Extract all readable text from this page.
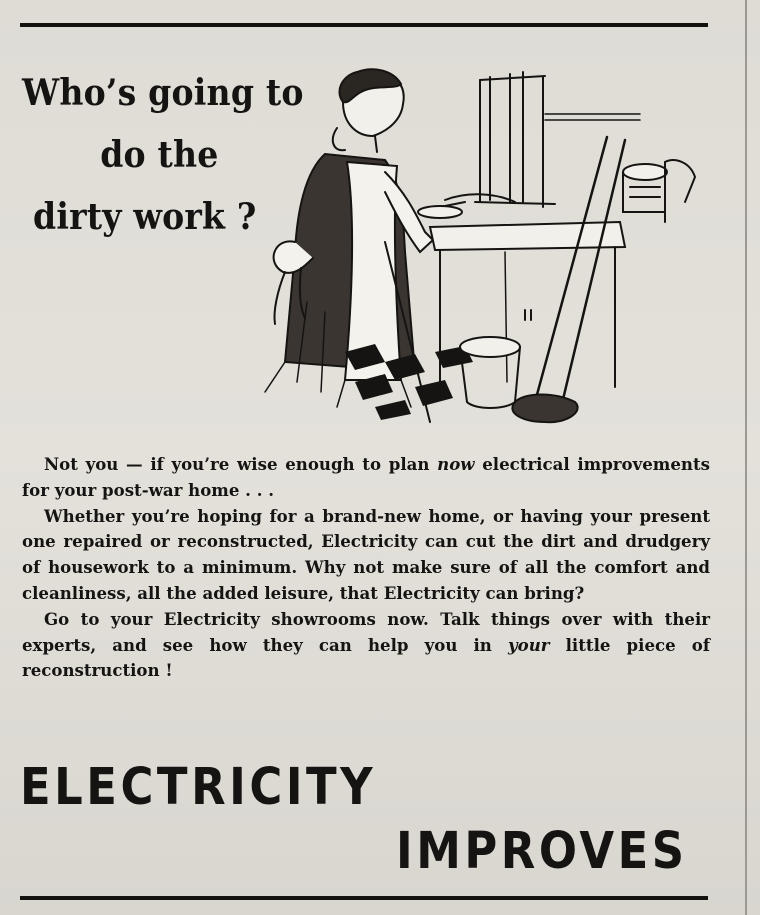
Who’s going to
do the
dirty work ?

Not you — if you’re wise enough to plan now electrical improvements for your post-war home . . .

Whether you’re hoping for a brand-new home, or having your present one repaired or reconstructed, Electricity can cut the dirt and drudgery of housework to a minimum. Why not make sure of all the comfort and cleanliness, all the added leisure, that Electricity can bring?

Go to your Electricity showrooms now. Talk things over with their experts, and see how they can help you in your little piece of reconstruction !

ELECTRICITY
IMPROVES
